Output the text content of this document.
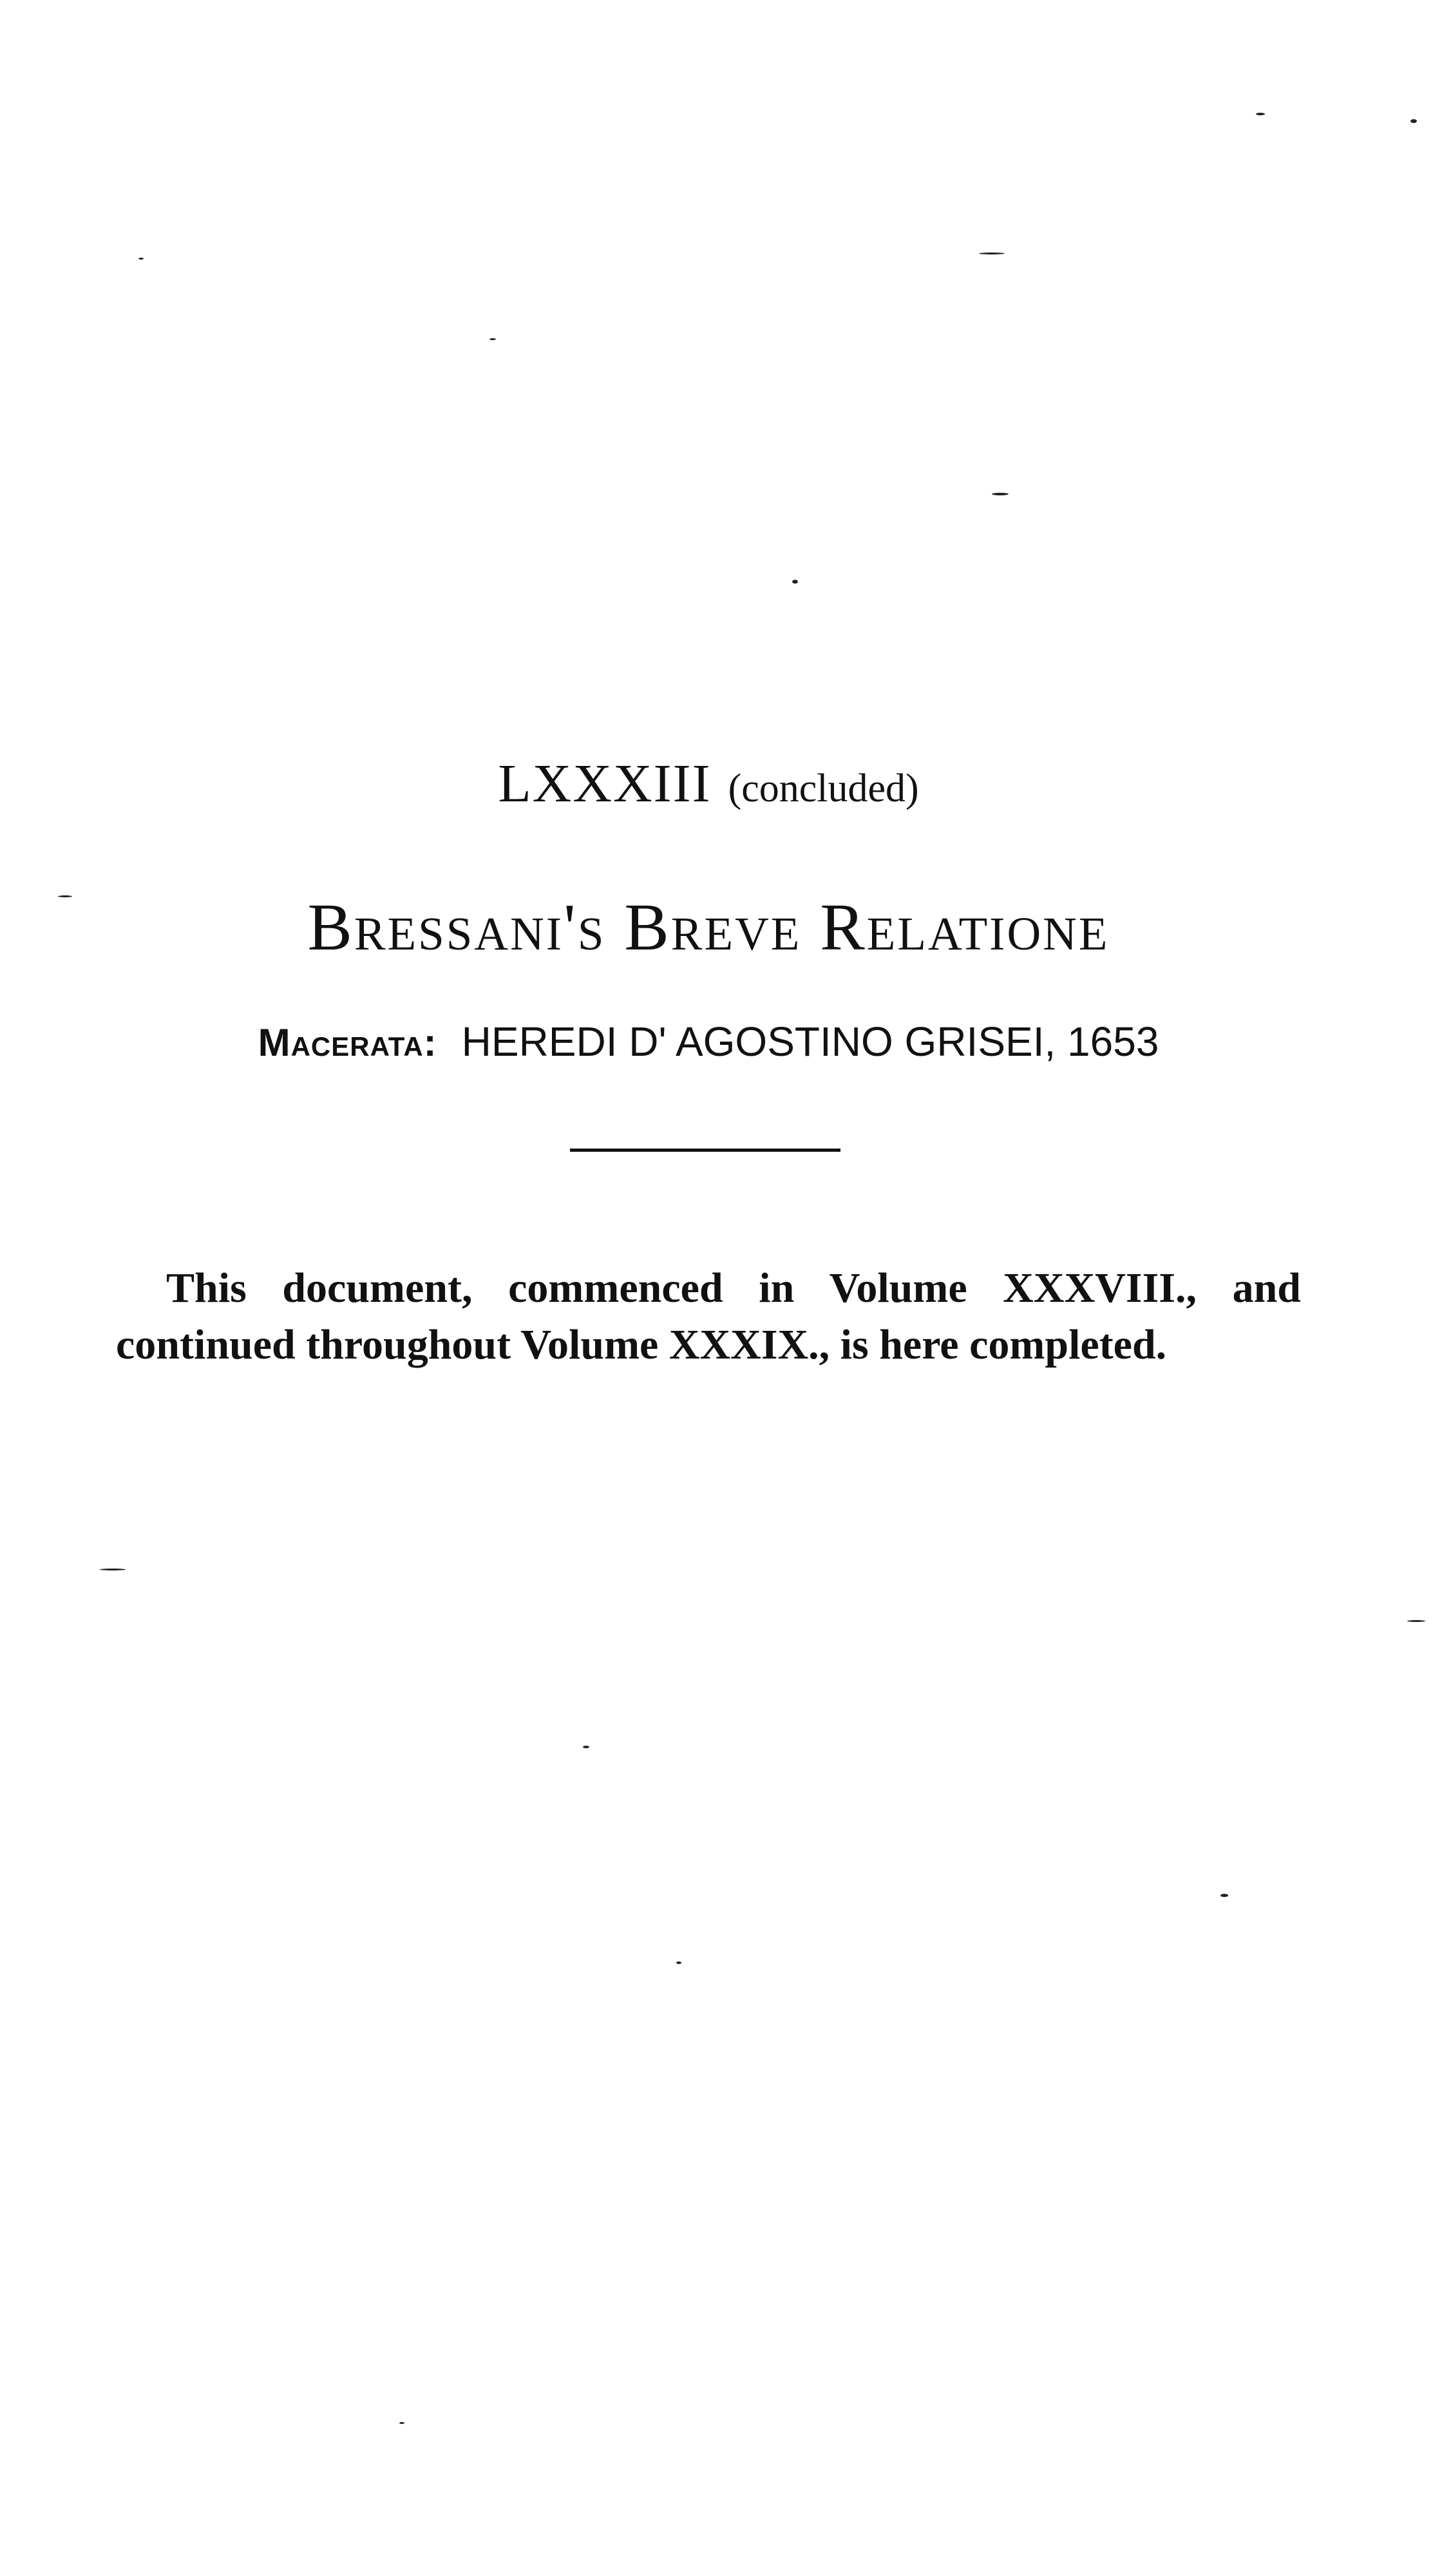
LXXXIII (concluded)
Bressani's Breve Relatione
Macerata: HEREDI D' AGOSTINO GRISEI, 1653

This document, commenced in Volume XXXVIII., and continued throughout Volume XXXIX., is here completed.
